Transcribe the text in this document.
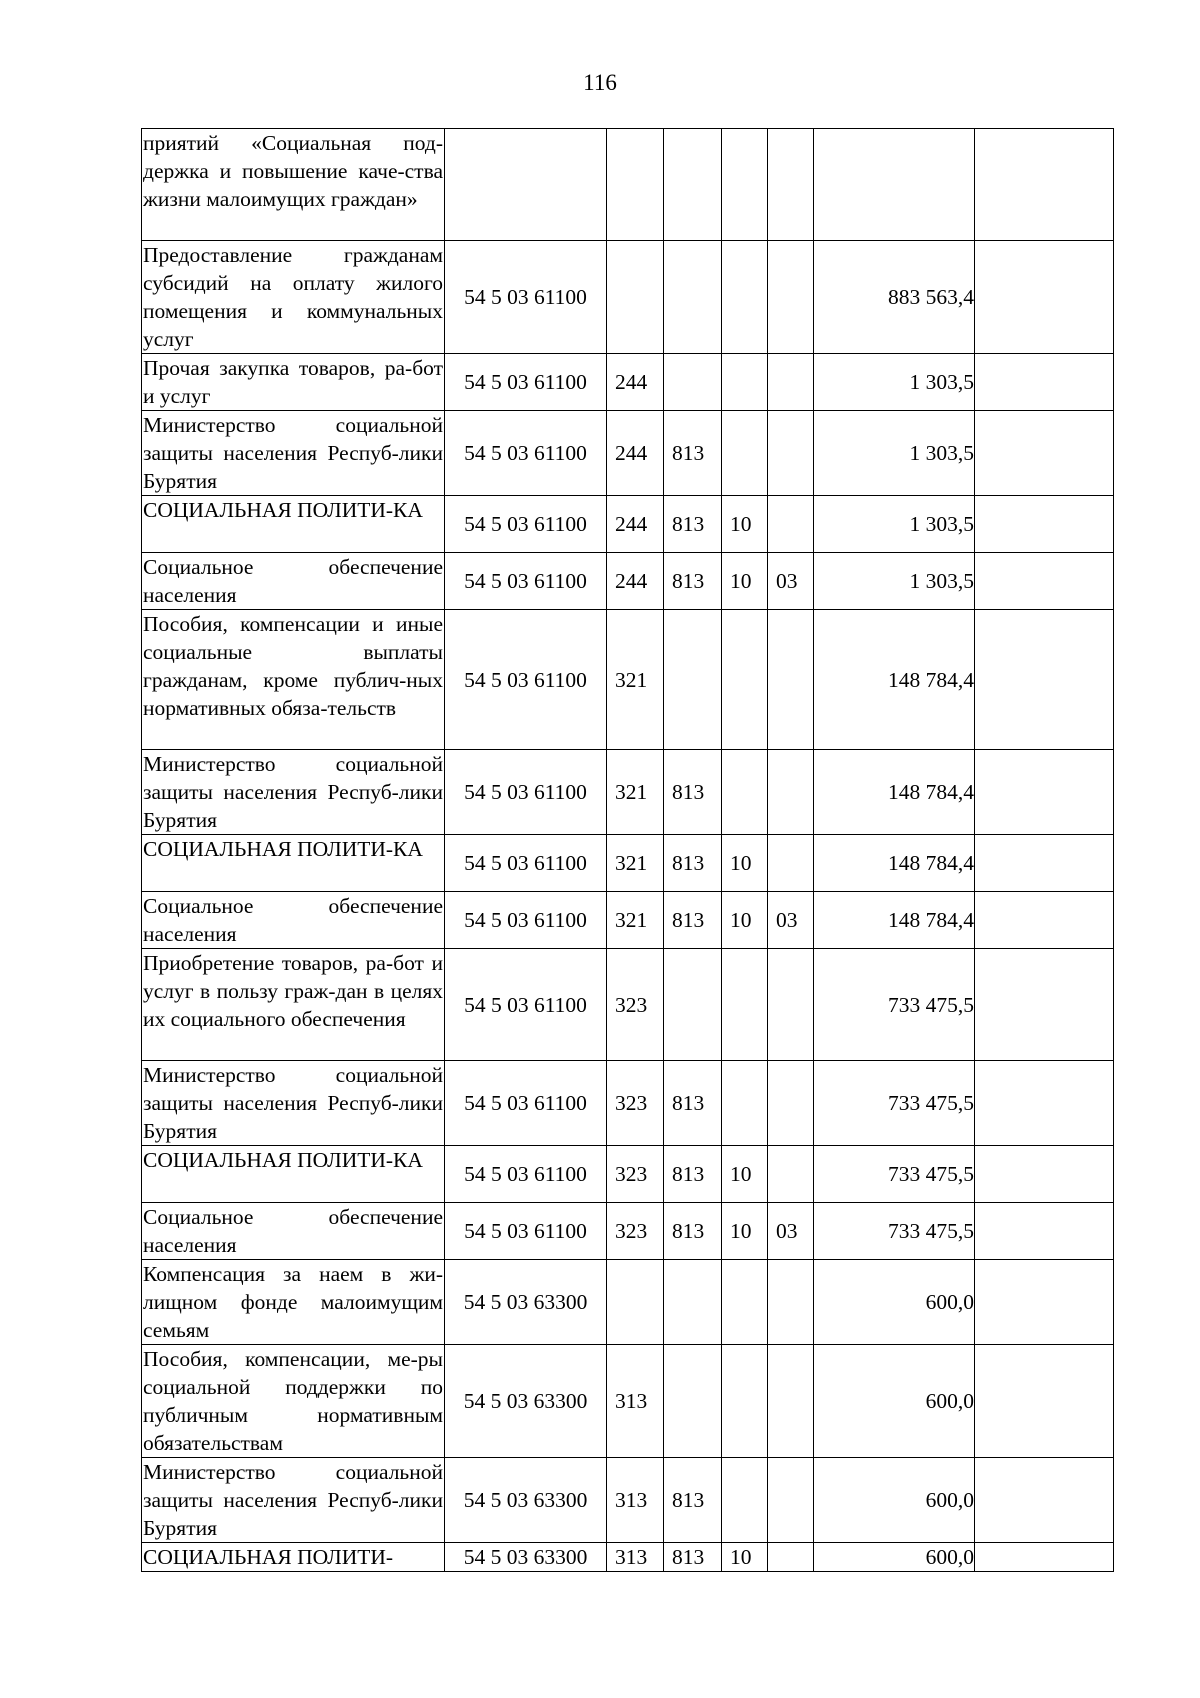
116
приятий «Социальная под-держка и повышение каче-ства жизни малоимущих граждан»							
Предоставление гражданам субсидий на оплату жилого помещения и коммунальных услуг	54 5 03 61100					883 563,4	
Прочая закупка товаров, ра-бот и услуг	54 5 03 61100	244				1 303,5	
Министерство социальной защиты населения Респуб-лики Бурятия	54 5 03 61100	244	813			1 303,5	
СОЦИАЛЬНАЯ ПОЛИТИ-КА	54 5 03 61100	244	813	10		1 303,5	
Социальное обеспечение населения	54 5 03 61100	244	813	10	03	1 303,5	
Пособия, компенсации и иные социальные выплаты гражданам, кроме публич-ных нормативных обяза-тельств	54 5 03 61100	321				148 784,4	
Министерство социальной защиты населения Респуб-лики Бурятия	54 5 03 61100	321	813			148 784,4	
СОЦИАЛЬНАЯ ПОЛИТИ-КА	54 5 03 61100	321	813	10		148 784,4	
Социальное обеспечение населения	54 5 03 61100	321	813	10	03	148 784,4	
Приобретение товаров, ра-бот и услуг в пользу граж-дан в целях их социального обеспечения	54 5 03 61100	323				733 475,5	
Министерство социальной защиты населения Респуб-лики Бурятия	54 5 03 61100	323	813			733 475,5	
СОЦИАЛЬНАЯ ПОЛИТИ-КА	54 5 03 61100	323	813	10		733 475,5	
Социальное обеспечение населения	54 5 03 61100	323	813	10	03	733 475,5	
Компенсация за наем в жи-лищном фонде малоимущим семьям	54 5 03 63300					600,0	
Пособия, компенсации, ме-ры социальной поддержки по публичным нормативным обязательствам	54 5 03 63300	313				600,0	
Министерство социальной защиты населения Респуб-лики Бурятия	54 5 03 63300	313	813			600,0	
СОЦИАЛЬНАЯ ПОЛИТИ-	54 5 03 63300	313	813	10		600,0	
